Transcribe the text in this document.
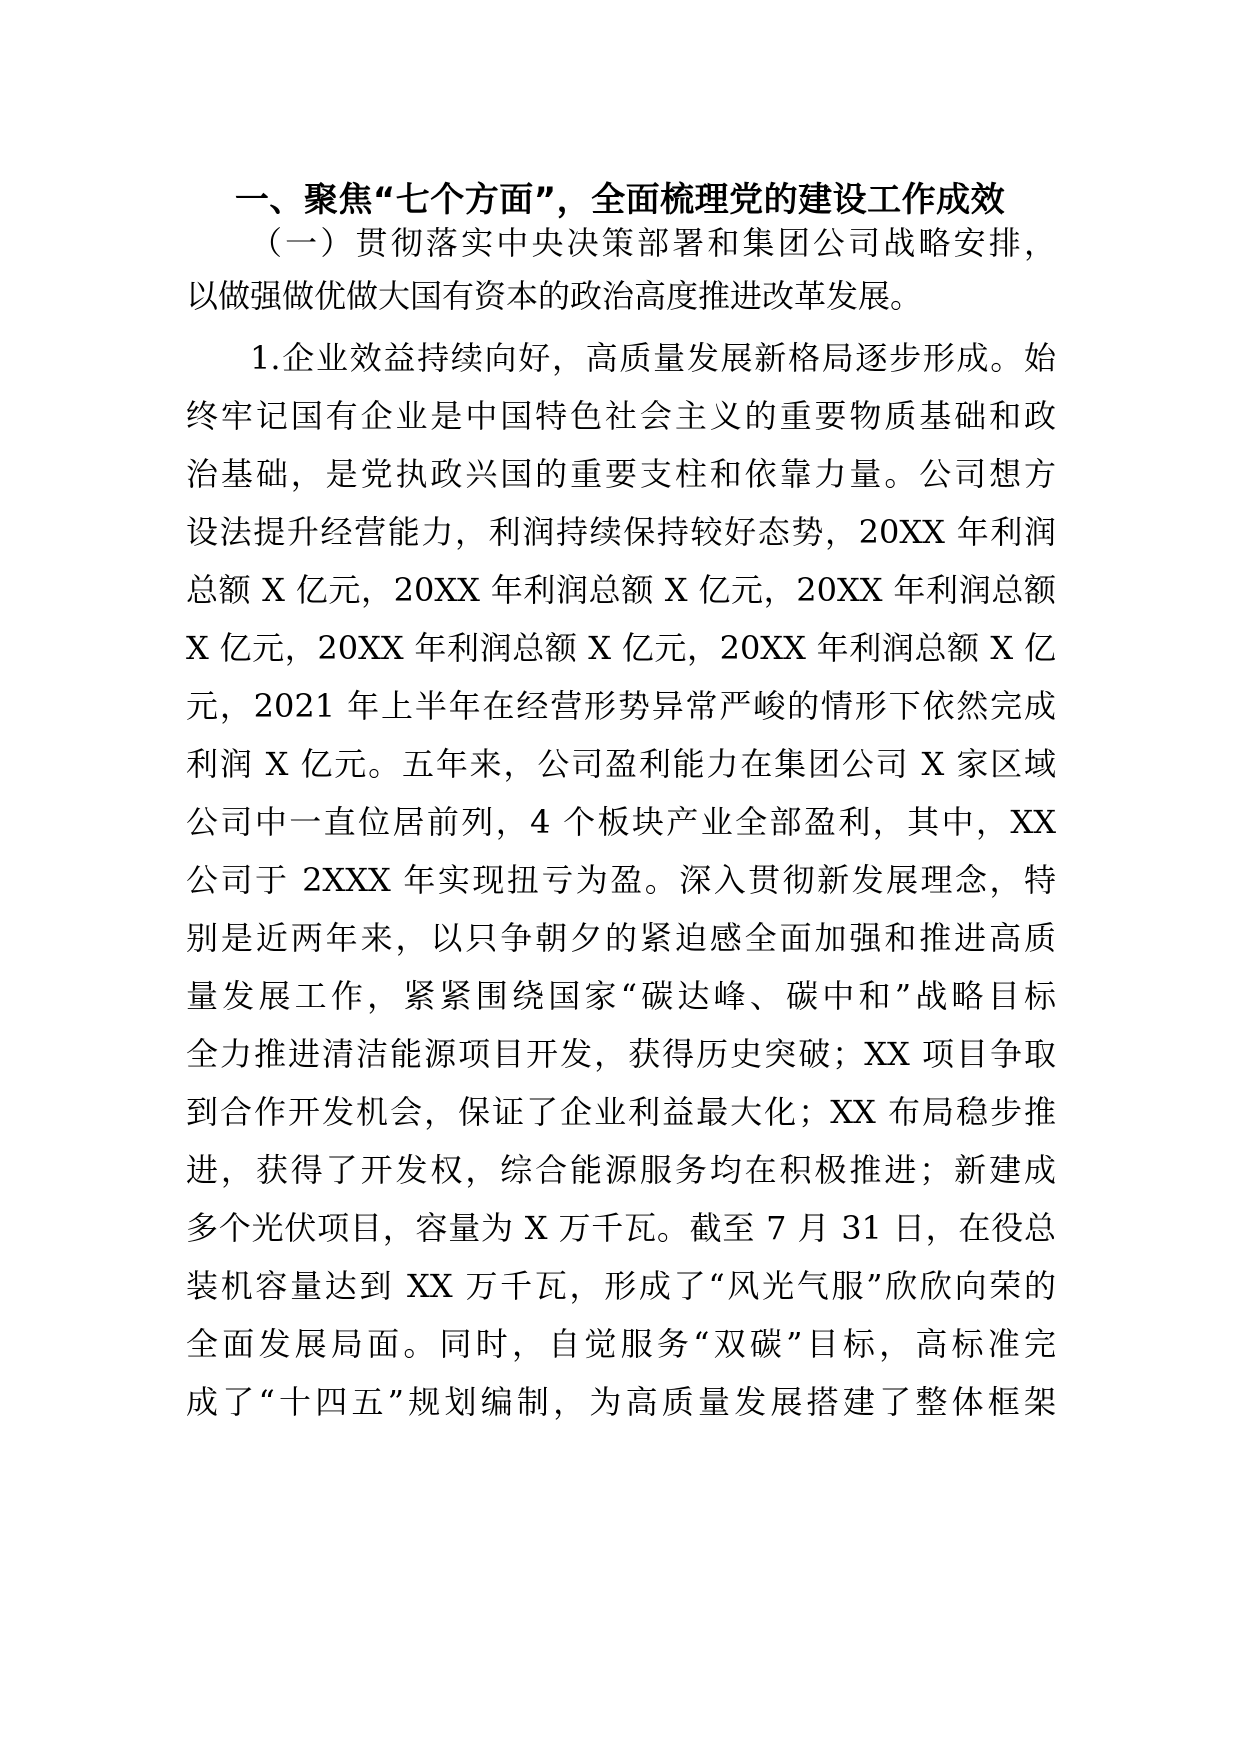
一、聚焦“七个方面”，全面梳理党的建设工作成效
（一）贯彻落实中央决策部署和集团公司战略安排，
以做强做优做大国有资本的政治高度推进改革发展。
1.企业效益持续向好，高质量发展新格局逐步形成。始
终牢记国有企业是中国特色社会主义的重要物质基础和政
治基础，是党执政兴国的重要支柱和依靠力量。公司想方
设法提升经营能力，利润持续保持较好态势，20XX 年利润
总额 X 亿元，20XX 年利润总额 X 亿元，20XX 年利润总额
X 亿元，20XX 年利润总额 X 亿元，20XX 年利润总额 X 亿
元，2021 年上半年在经营形势异常严峻的情形下依然完成
利润 X 亿元。五年来，公司盈利能力在集团公司 X 家区域
公司中一直位居前列，4 个板块产业全部盈利，其中，XX
公司于 2XXX 年实现扭亏为盈。深入贯彻新发展理念，特
别是近两年来，以只争朝夕的紧迫感全面加强和推进高质
量发展工作，紧紧围绕国家“碳达峰、碳中和”战略目标
全力推进清洁能源项目开发，获得历史突破；XX 项目争取
到合作开发机会，保证了企业利益最大化；XX 布局稳步推
进，获得了开发权，综合能源服务均在积极推进；新建成
多个光伏项目，容量为 X 万千瓦。截至 7 月 31 日，在役总
装机容量达到 XX 万千瓦，形成了“风光气服”欣欣向荣的
全面发展局面。同时，自觉服务“双碳”目标，高标准完
成了“十四五”规划编制，为高质量发展搭建了整体框架
